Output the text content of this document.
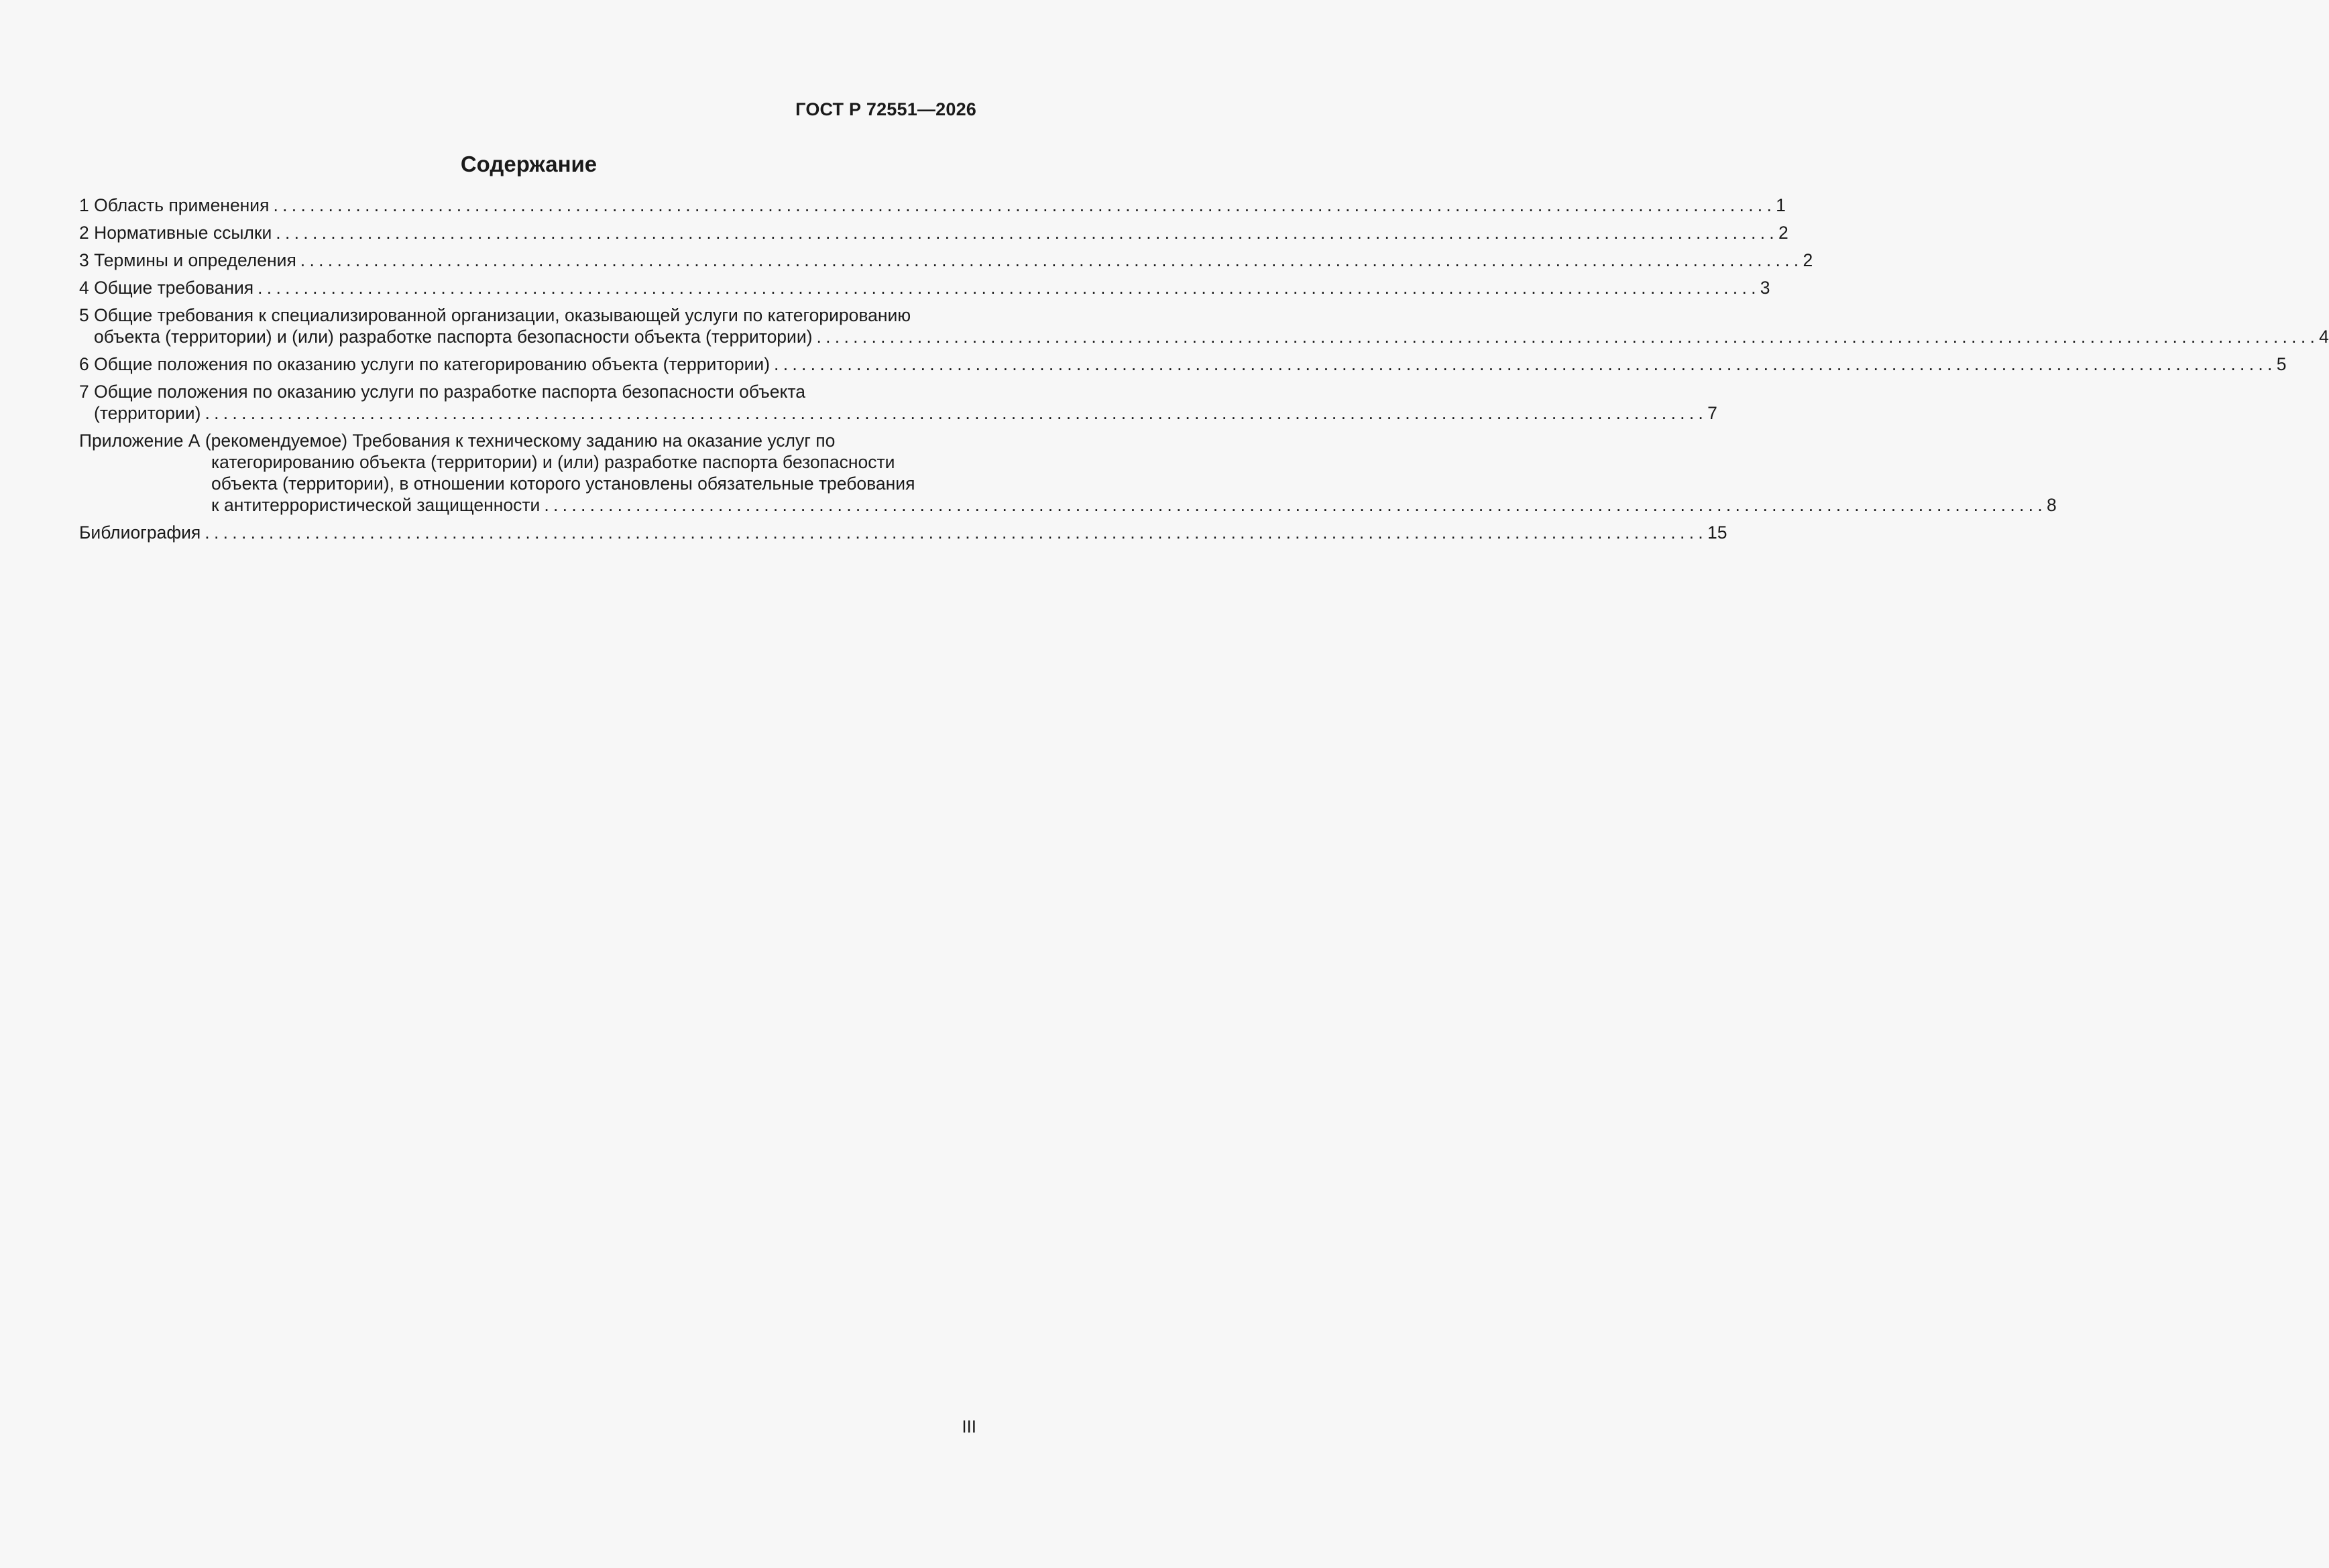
ГОСТ Р 72551—2026
Содержание
1 Область применения .................................................................................................................................................................... 1
2 Нормативные ссылки .................................................................................................................................................................... 2
3 Термины и определения .................................................................................................................................................................... 2
4 Общие требования .................................................................................................................................................................... 3
5 Общие требования к специализированной организации, оказывающей услуги по категорированию
объекта (территории) и (или) разработке паспорта безопасности объекта (территории) .................................................................................................................................................................... 4
6 Общие положения по оказанию услуги по категорированию объекта (территории) .................................................................................................................................................................... 5
7 Общие положения по оказанию услуги по разработке паспорта безопасности объекта
(территории) .................................................................................................................................................................... 7
Приложение А (рекомендуемое) Требования к техническому заданию на оказание услуг по
категорированию объекта (территории) и (или) разработке паспорта безопасности
объекта (территории), в отношении которого установлены обязательные требования
к антитеррористической защищенности .................................................................................................................................................................... 8
Библиография .................................................................................................................................................................... 15
III
